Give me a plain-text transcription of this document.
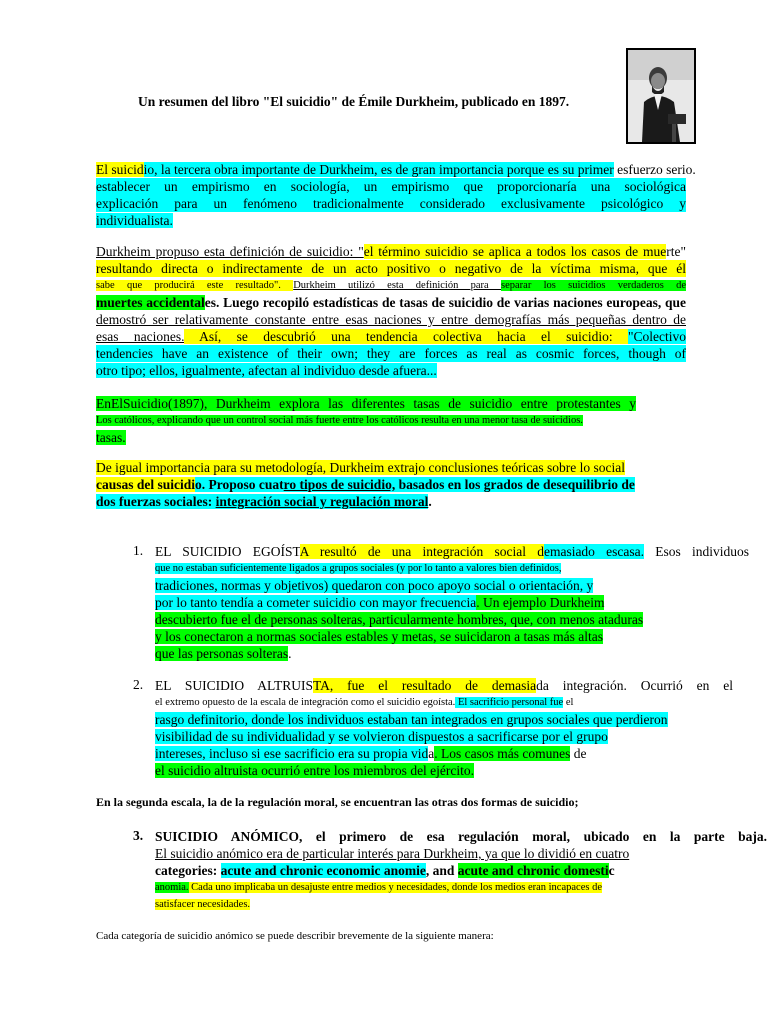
Un resumen del libro "El suicidio" de Émile Durkheim, publicado en 1897.
El suicidio, la tercera obra importante de Durkheim, es de gran importancia porque es su primer esfuerzo serio.
establecer un empirismo en sociología, un empirismo que proporcionaría una sociológica
explicación para un fenómeno tradicionalmente considerado exclusivamente psicológico y
individualista.
Durkheim propuso esta definición de suicidio: "el término suicidio se aplica a todos los casos de muerte"
resultando directa o indirectamente de un acto positivo o negativo de la víctima misma, que él
sabe que producirá este resultado". Durkheim utilizó esta definición para separar los suicidios verdaderos de
muertes accidentales. Luego recopiló estadísticas de tasas de suicidio de varias naciones europeas, que
demostró ser relativamente constante entre esas naciones y entre demografías más pequeñas dentro de
esas naciones. Así, se descubrió una tendencia colectiva hacia el suicidio: "Colectivo
tendencies have an existence of their own; they are forces as real as cosmic forces, though of
otro tipo; ellos, igualmente, afectan al individuo desde afuera...
EnElSuicidio(1897), Durkheim explora las diferentes tasas de suicidio entre protestantes y
Los católicos, explicando que un control social más fuerte entre los católicos resulta en una menor tasa de suicidios.
tasas.
De igual importancia para su metodología, Durkheim extrajo conclusiones teóricas sobre lo social
causas del suicidio. Proposo cuatro tipos de suicidio, basados en los grados de desequilibrio de
dos fuerzas sociales: integración social y regulación moral.
1. EL SUICIDIO EGOÍSTA resultó de una integración social demasiado escasa. Esos individuos
que no estaban suficientemente ligados a grupos sociales (y por lo tanto a valores bien definidos,
tradiciones, normas y objetivos) quedaron con poco apoyo social o orientación, y
por lo tanto tendía a cometer suicidio con mayor frecuencia. Un ejemplo Durkheim
descubierto fue el de personas solteras, particularmente hombres, que, con menos ataduras
y los conectaron a normas sociales estables y metas, se suicidaron a tasas más altas
que las personas solteras.
2. EL SUICIDIO ALTRUISTA, fue el resultado de demasiada integración. Ocurrió en el
el extremo opuesto de la escala de integración como el suicidio egoísta. El sacrificio personal fue el
rasgo definitorio, donde los individuos estaban tan integrados en grupos sociales que perdieron
visibilidad de su individualidad y se volvieron dispuestos a sacrificarse por el grupo
intereses, incluso si ese sacrificio era su propia vida. Los casos más comunes de
el suicidio altruista ocurrió entre los miembros del ejército.
En la segunda escala, la de la regulación moral, se encuentran las otras dos formas de suicidio;
3. SUICIDIO ANÓMICO, el primero de esa regulación moral, ubicado en la parte baja.
El suicidio anómico era de particular interés para Durkheim, ya que lo dividió en cuatro
categories: acute and chronic economic anomie, and acute and chronic domestic
anomia. Cada uno implicaba un desajuste entre medios y necesidades, donde los medios eran incapaces de
satisfacer necesidades.
Cada categoría de suicidio anómico se puede describir brevemente de la siguiente manera:
